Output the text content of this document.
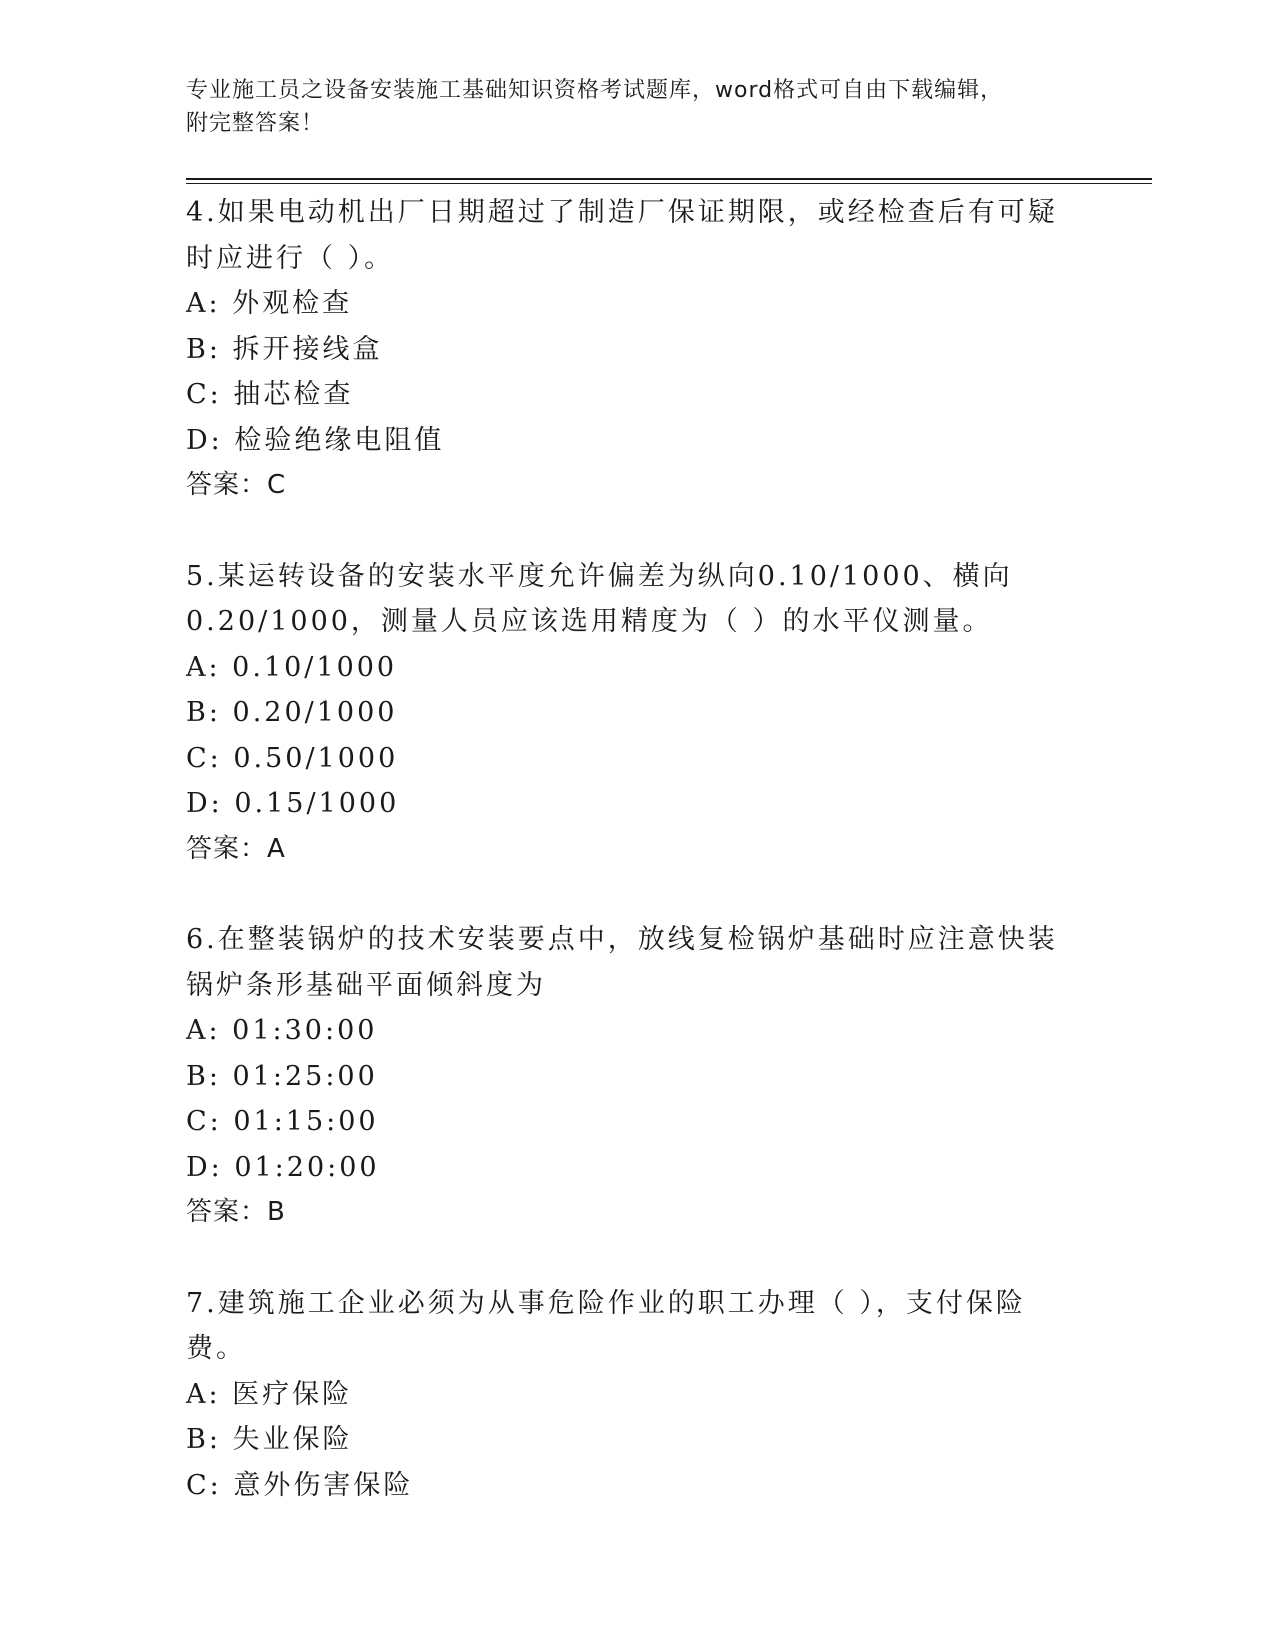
专业施工员之设备安装施工基础知识资格考试题库，word格式可自由下载编辑，
附完整答案！
4.如果电动机出厂日期超过了制造厂保证期限，或经检查后有可疑时应进行（ ）。
A: 外观检查
B: 拆开接线盒
C: 抽芯检查
D: 检验绝缘电阻值
答案：C
5.某运转设备的安装水平度允许偏差为纵向0.10/1000、横向0.20/1000，测量人员应该选用精度为（ ）的水平仪测量。
A: 0.10/1000
B: 0.20/1000
C: 0.50/1000
D: 0.15/1000
答案：A
6.在整装锅炉的技术安装要点中，放线复检锅炉基础时应注意快装锅炉条形基础平面倾斜度为
A: 01:30:00
B: 01:25:00
C: 01:15:00
D: 01:20:00
答案：B
7.建筑施工企业必须为从事危险作业的职工办理（ ），支付保险费。
A: 医疗保险
B: 失业保险
C: 意外伤害保险
